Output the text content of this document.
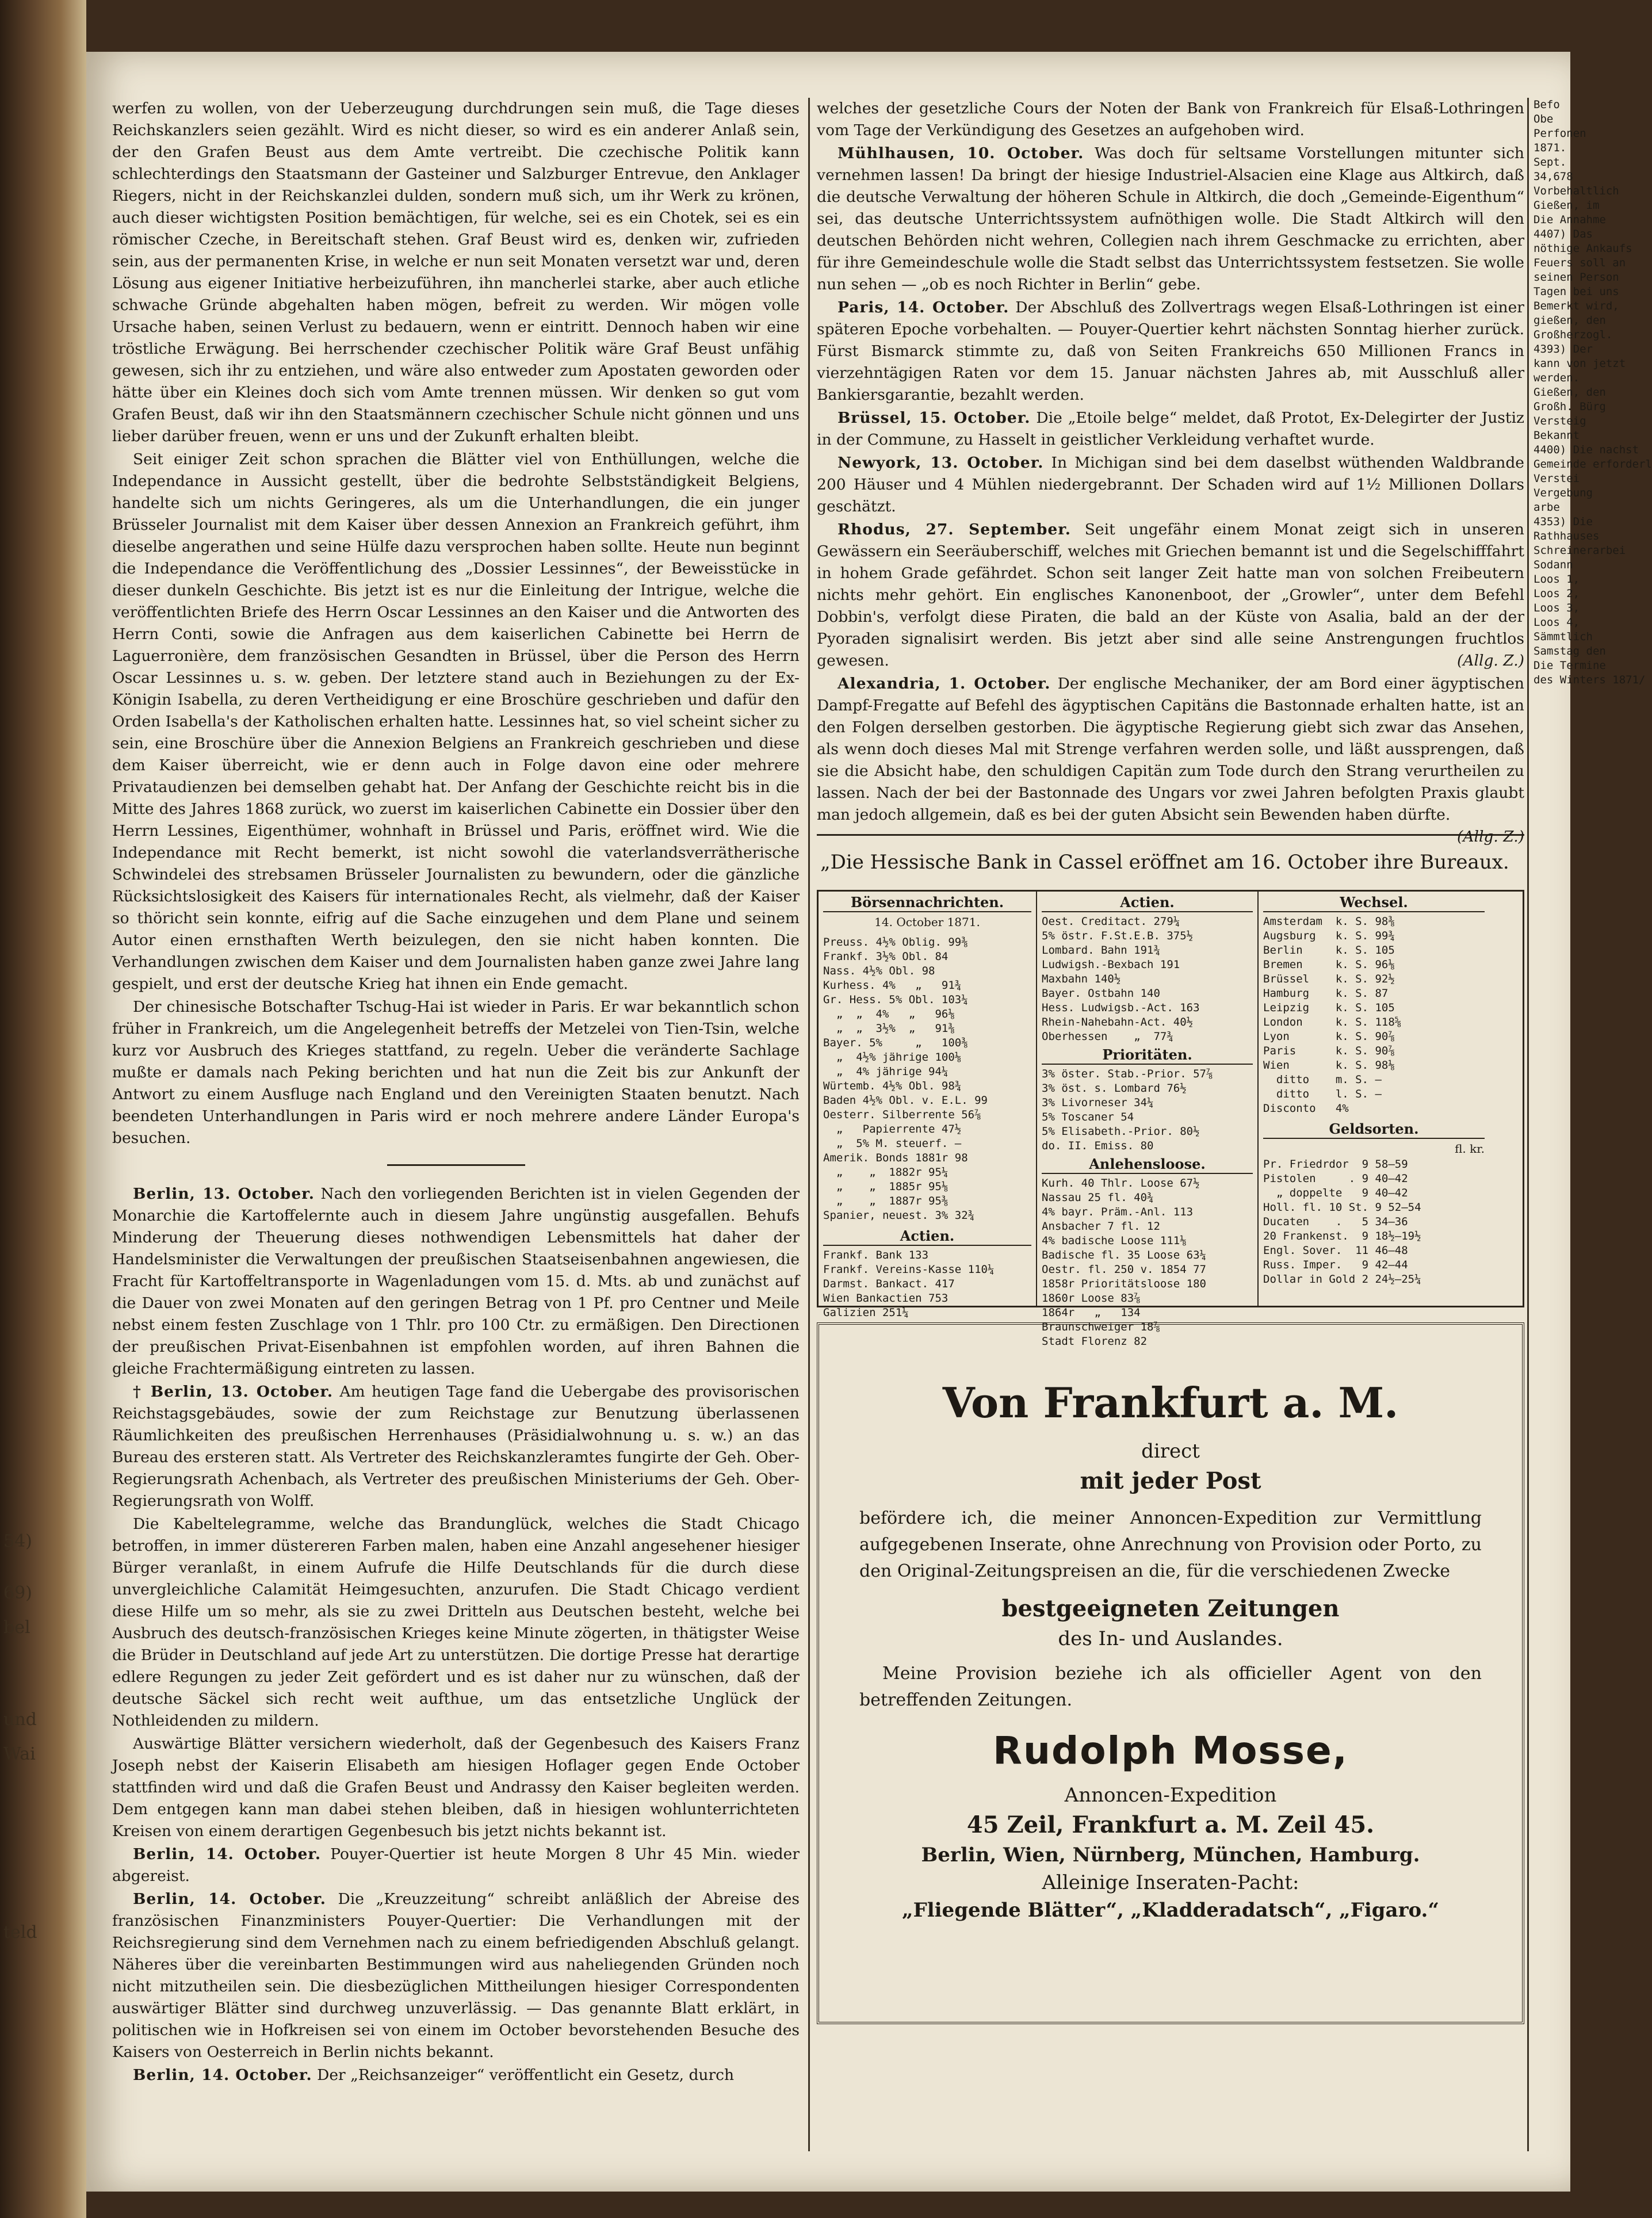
54)
69)
bel
und
Wai
teld

werfen zu wollen, von der Ueberzeugung durchdrungen sein muß, die Tage dieses Reichskanzlers seien gezählt. Wird es nicht dieser, so wird es ein anderer Anlaß sein, der den Grafen Beust aus dem Amte vertreibt. Die czechische Politik kann schlechterdings den Staatsmann der Gasteiner und Salzburger Entrevue, den Anklager Riegers, nicht in der Reichskanzlei dulden, sondern muß sich, um ihr Werk zu krönen, auch dieser wichtigsten Position bemächtigen, für welche, sei es ein Chotek, sei es ein römischer Czeche, in Bereitschaft stehen. Graf Beust wird es, denken wir, zufrieden sein, aus der permanenten Krise, in welche er nun seit Monaten versetzt war und, deren Lösung aus eigener Initiative herbeizuführen, ihn mancherlei starke, aber auch etliche schwache Gründe abgehalten haben mögen, befreit zu werden. Wir mögen volle Ursache haben, seinen Verlust zu bedauern, wenn er eintritt. Dennoch haben wir eine tröstliche Erwägung. Bei herrschender czechischer Politik wäre Graf Beust unfähig gewesen, sich ihr zu entziehen, und wäre also entweder zum Apostaten geworden oder hätte über ein Kleines doch sich vom Amte trennen müssen. Wir denken so gut vom Grafen Beust, daß wir ihn den Staatsmännern czechischer Schule nicht gönnen und uns lieber darüber freuen, wenn er uns und der Zukunft erhalten bleibt.

Seit einiger Zeit schon sprachen die Blätter viel von Enthüllungen, welche die Independance in Aussicht gestellt, über die bedrohte Selbstständigkeit Belgiens, handelte sich um nichts Geringeres, als um die Unterhandlungen, die ein junger Brüsseler Journalist mit dem Kaiser über dessen Annexion an Frankreich geführt, ihm dieselbe angerathen und seine Hülfe dazu versprochen haben sollte. Heute nun beginnt die Independance die Veröffentlichung des „Dossier Lessinnes“, der Beweisstücke in dieser dunkeln Geschichte. Bis jetzt ist es nur die Einleitung der Intrigue, welche die veröffentlichten Briefe des Herrn Oscar Lessinnes an den Kaiser und die Antworten des Herrn Conti, sowie die Anfragen aus dem kaiserlichen Cabinette bei Herrn de Laguerronière, dem französischen Gesandten in Brüssel, über die Person des Herrn Oscar Lessinnes u. s. w. geben. Der letztere stand auch in Beziehungen zu der Ex-Königin Isabella, zu deren Vertheidigung er eine Broschüre geschrieben und dafür den Orden Isabella's der Katholischen erhalten hatte. Lessinnes hat, so viel scheint sicher zu sein, eine Broschüre über die Annexion Belgiens an Frankreich geschrieben und diese dem Kaiser überreicht, wie er denn auch in Folge davon eine oder mehrere Privataudienzen bei demselben gehabt hat. Der Anfang der Geschichte reicht bis in die Mitte des Jahres 1868 zurück, wo zuerst im kaiserlichen Cabinette ein Dossier über den Herrn Lessines, Eigenthümer, wohnhaft in Brüssel und Paris, eröffnet wird. Wie die Independance mit Recht bemerkt, ist nicht sowohl die vaterlandsverrätherische Schwindelei des strebsamen Brüsseler Journalisten zu bewundern, oder die gänzliche Rücksichtslosigkeit des Kaisers für internationales Recht, als vielmehr, daß der Kaiser so thöricht sein konnte, eifrig auf die Sache einzugehen und dem Plane und seinem Autor einen ernsthaften Werth beizulegen, den sie nicht haben konnten. Die Verhandlungen zwischen dem Kaiser und dem Journalisten haben ganze zwei Jahre lang gespielt, und erst der deutsche Krieg hat ihnen ein Ende gemacht.

Der chinesische Botschafter Tschug-Hai ist wieder in Paris. Er war bekanntlich schon früher in Frankreich, um die Angelegenheit betreffs der Metzelei von Tien-Tsin, welche kurz vor Ausbruch des Krieges stattfand, zu regeln. Ueber die veränderte Sachlage mußte er damals nach Peking berichten und hat nun die Zeit bis zur Ankunft der Antwort zu einem Ausfluge nach England und den Vereinigten Staaten benutzt. Nach beendeten Unterhandlungen in Paris wird er noch mehrere andere Länder Europa's besuchen.

Berlin, 13. October. Nach den vorliegenden Berichten ist in vielen Gegenden der Monarchie die Kartoffelernte auch in diesem Jahre ungünstig ausgefallen. Behufs Minderung der Theuerung dieses nothwendigen Lebensmittels hat daher der Handelsminister die Verwaltungen der preußischen Staatseisenbahnen angewiesen, die Fracht für Kartoffeltransporte in Wagenladungen vom 15. d. Mts. ab und zunächst auf die Dauer von zwei Monaten auf den geringen Betrag von 1 Pf. pro Centner und Meile nebst einem festen Zuschlage von 1 Thlr. pro 100 Ctr. zu ermäßigen. Den Directionen der preußischen Privat-Eisenbahnen ist empfohlen worden, auf ihren Bahnen die gleiche Frachtermäßigung eintreten zu lassen.

† Berlin, 13. October. Am heutigen Tage fand die Uebergabe des provisorischen Reichstagsgebäudes, sowie der zum Reichstage zur Benutzung überlassenen Räumlichkeiten des preußischen Herrenhauses (Präsidialwohnung u. s. w.) an das Bureau des ersteren statt. Als Vertreter des Reichskanzleramtes fungirte der Geh. Ober-Regierungsrath Achenbach, als Vertreter des preußischen Ministeriums der Geh. Ober-Regierungsrath von Wolff.

Die Kabeltelegramme, welche das Brandunglück, welches die Stadt Chicago betroffen, in immer düstereren Farben malen, haben eine Anzahl angesehener hiesiger Bürger veranlaßt, in einem Aufrufe die Hilfe Deutschlands für die durch diese unvergleichliche Calamität Heimgesuchten, anzurufen. Die Stadt Chicago verdient diese Hilfe um so mehr, als sie zu zwei Dritteln aus Deutschen besteht, welche bei Ausbruch des deutsch-französischen Krieges keine Minute zögerten, in thätigster Weise die Brüder in Deutschland auf jede Art zu unterstützen. Die dortige Presse hat derartige edlere Regungen zu jeder Zeit gefördert und es ist daher nur zu wünschen, daß der deutsche Säckel sich recht weit aufthue, um das entsetzliche Unglück der Nothleidenden zu mildern.

Auswärtige Blätter versichern wiederholt, daß der Gegenbesuch des Kaisers Franz Joseph nebst der Kaiserin Elisabeth am hiesigen Hoflager gegen Ende October stattfinden wird und daß die Grafen Beust und Andrassy den Kaiser begleiten werden. Dem entgegen kann man dabei stehen bleiben, daß in hiesigen wohlunterrichteten Kreisen von einem derartigen Gegenbesuch bis jetzt nichts bekannt ist.

Berlin, 14. October. Pouyer-Quertier ist heute Morgen 8 Uhr 45 Min. wieder abgereist.

Berlin, 14. October. Die „Kreuzzeitung“ schreibt anläßlich der Abreise des französischen Finanzministers Pouyer-Quertier: Die Verhandlungen mit der Reichsregierung sind dem Vernehmen nach zu einem befriedigenden Abschluß gelangt. Näheres über die vereinbarten Bestimmungen wird aus naheliegenden Gründen noch nicht mitzutheilen sein. Die diesbezüglichen Mittheilungen hiesiger Correspondenten auswärtiger Blätter sind durchweg unzuverlässig. — Das genannte Blatt erklärt, in politischen wie in Hofkreisen sei von einem im October bevorstehenden Besuche des Kaisers von Oesterreich in Berlin nichts bekannt.

Berlin, 14. October. Der „Reichsanzeiger“ veröffentlicht ein Gesetz, durch

welches der gesetzliche Cours der Noten der Bank von Frankreich für Elsaß-Lothringen vom Tage der Verkündigung des Gesetzes an aufgehoben wird.

Mühlhausen, 10. October. Was doch für seltsame Vorstellungen mitunter sich vernehmen lassen! Da bringt der hiesige Industriel-Alsacien eine Klage aus Altkirch, daß die deutsche Verwaltung der höheren Schule in Altkirch, die doch „Gemeinde-Eigenthum“ sei, das deutsche Unterrichtssystem aufnöthigen wolle. Die Stadt Altkirch will den deutschen Behörden nicht wehren, Collegien nach ihrem Geschmacke zu errichten, aber für ihre Gemeindeschule wolle die Stadt selbst das Unterrichtssystem festsetzen. Sie wolle nun sehen — „ob es noch Richter in Berlin“ gebe.

Paris, 14. October. Der Abschluß des Zollvertrags wegen Elsaß-Lothringen ist einer späteren Epoche vorbehalten. — Pouyer-Quertier kehrt nächsten Sonntag hierher zurück. Fürst Bismarck stimmte zu, daß von Seiten Frankreichs 650 Millionen Francs in vierzehntägigen Raten vor dem 15. Januar nächsten Jahres ab, mit Ausschluß aller Bankiersgarantie, bezahlt werden.

Brüssel, 15. October. Die „Etoile belge“ meldet, daß Protot, Ex-Delegirter der Justiz in der Commune, zu Hasselt in geistlicher Verkleidung verhaftet wurde.

Newyork, 13. October. In Michigan sind bei dem daselbst wüthenden Waldbrande 200 Häuser und 4 Mühlen niedergebrannt. Der Schaden wird auf 1½ Millionen Dollars geschätzt.

Rhodus, 27. September. Seit ungefähr einem Monat zeigt sich in unseren Gewässern ein Seeräuberschiff, welches mit Griechen bemannt ist und die Segelschifffahrt in hohem Grade gefährdet. Schon seit langer Zeit hatte man von solchen Freibeutern nichts mehr gehört. Ein englisches Kanonenboot, der „Growler“, unter dem Befehl Dobbin's, verfolgt diese Piraten, die bald an der Küste von Asalia, bald an der der Pyoraden signalisirt werden. Bis jetzt aber sind alle seine Anstrengungen fruchtlos gewesen.	(Allg. Z.)

Alexandria, 1. October. Der englische Mechaniker, der am Bord einer ägyptischen Dampf-Fregatte auf Befehl des ägyptischen Capitäns die Bastonnade erhalten hatte, ist an den Folgen derselben gestorben. Die ägyptische Regierung giebt sich zwar das Ansehen, als wenn doch dieses Mal mit Strenge verfahren werden solle, und läßt aussprengen, daß sie die Absicht habe, den schuldigen Capitän zum Tode durch den Strang verurtheilen zu lassen. Nach der bei der Bastonnade des Ungars vor zwei Jahren befolgten Praxis glaubt man jedoch allgemein, daß es bei der guten Absicht sein Bewenden haben dürfte.
(Allg. Z.)

„Die Hessische Bank in Cassel eröffnet am 16. October ihre Bureaux.
Börsennachrichten.
14. October 1871.
Preuss. 4½% Oblig. 99⅜
Frankf. 3½% Obl. 84
Nass. 4½% Obl. 98
Kurhess. 4%   „   91¾
Gr. Hess. 5% Obl. 103¼
„  „  4%   „   96⅛
„  „  3½%  „   91⅜
Bayer. 5%     „   100⅜
„  4½% jährige 100⅛
„  4% jährige 94¼
Würtemb. 4½% Obl. 98¾
Baden 4½% Obl. v. E.L. 99
Oesterr. Silberrente 56⅞
„   Papierrente 47½
„  5% M. steuerf. —
Amerik. Bonds 1881r 98
„    „  1882r 95¼
„    „  1885r 95⅛
„    „  1887r 95⅜
Spanier, neuest. 3% 32¾
Actien.
Frankf. Bank 133
Frankf. Vereins-Kasse 110¼
Darmst. Bankact. 417
Wien Bankactien 753
Galizien 251¼
Actien.
Oest. Creditact. 279¼
5% östr. F.St.E.B. 375½
Lombard. Bahn 191¾
Ludwigsh.-Bexbach 191
Maxbahn 140½
Bayer. Ostbahn 140
Hess. Ludwigsb.-Act. 163
Rhein-Nahebahn-Act. 40½
Oberhessen    „  77¾
Prioritäten.
3% öster. Stab.-Prior. 57⅞
3% öst. s. Lombard 76½
3% Livorneser 34¼
5% Toscaner 54
5% Elisabeth.-Prior. 80½
do. II. Emiss. 80
Anlehensloose.
Kurh. 40 Thlr. Loose 67½
Nassau 25 fl. 40¾
4% bayr. Präm.-Anl. 113
Ansbacher 7 fl. 12
4% badische Loose 111⅛
Badische fl. 35 Loose 63¼
Oestr. fl. 250 v. 1854 77
1858r Prioritätsloose 180
1860r Loose 83⅞
1864r   „   134
Braunschweiger 18⅞
Stadt Florenz 82
Wechsel.
Amsterdam  k. S. 98⅜
Augsburg   k. S. 99¾
Berlin     k. S. 105
Bremen     k. S. 96⅛
Brüssel    k. S. 92½
Hamburg    k. S. 87
Leipzig    k. S. 105
London     k. S. 118⅝
Lyon       k. S. 90⅞
Paris      k. S. 90⅞
Wien       k. S. 98⅛
ditto    m. S. —
ditto    l. S. —
Disconto   4%
Geldsorten.
fl. kr.
Pr. Friedrdor  9 58—59
Pistolen     . 9 40—42
„ doppelte   9 40—42
Holl. fl. 10 St. 9 52—54
Ducaten    .   5 34—36
20 Frankenst.  9 18½—19½
Engl. Sover.  11 46—48
Russ. Imper.   9 42—44
Dollar in Gold 2 24½—25¼
Von Frankfurt a. M.
direct
mit jeder Post
befördere ich, die meiner Annoncen-Expedition zur Vermittlung aufgegebenen Inserate, ohne Anrechnung von Provision oder Porto, zu den Original-Zeitungspreisen an die, für die verschiedenen Zwecke
bestgeeigneten Zeitungen
des In- und Auslandes.
Meine Provision beziehe ich als officieller Agent von den betreffenden Zeitungen.
Rudolph Mosse,
Annoncen-Expedition
45 Zeil, Frankfurt a. M. Zeil 45.
Berlin, Wien, Nürnberg, München, Hamburg.
Alleinige Inseraten-Pacht:
„Fliegende Blätter“, „Kladderadatsch“, „Figaro.“
Befo
Obe
Perfonen
1871.
Sept.
34,678
Vorbehaltlich
Gießen, im
Die Annahme
4407) Das
nöthige Ankaufs
Feuers soll an
seinen Person
Tagen bei uns
Bemerkt wird,
gießen, den
Großherzogl.
4393) Der
kann von jetzt
werden.
Gießen, den
Großh. Bürg
Versteig
Bekannt
4400) Die nachst
Gemeinde erforderl
Verstei
Vergebung
arbe
4353) Die
Rathhauses
Schreinerarbei
Sodann
Loos 1,
Loos 2,
Loos 3,
Loos 4,
Sämmtlich
Samstag den
Die Termine
des Winters 1871/
